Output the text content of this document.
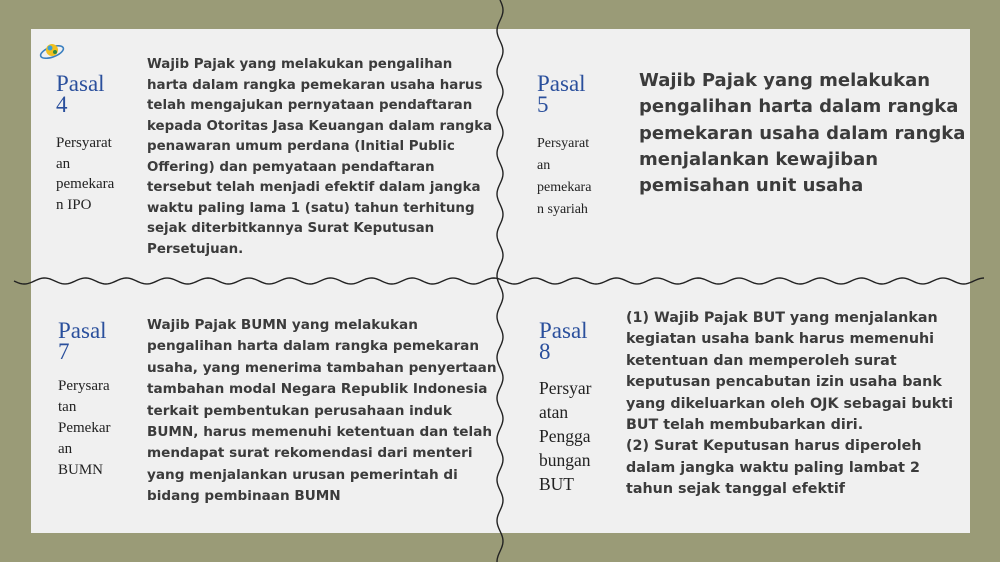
Pasal
4
Persyarat
an
pemekara
n IPO
Wajib Pajak yang melakukan pengalihan
harta dalam rangka pemekaran usaha harus
telah mengajukan pernyataan pendaftaran
kepada Otoritas Jasa Keuangan dalam rangka
penawaran umum perdana (Initial Public
Offering) dan pemyataan pendaftaran
tersebut telah menjadi efektif dalam jangka
waktu paling lama 1 (satu) tahun terhitung
sejak diterbitkannya Surat Keputusan
Persetujuan.
Pasal
5
Persyarat
an
pemekara
n syariah
Wajib Pajak yang melakukan
pengalihan harta dalam rangka
pemekaran usaha dalam rangka
menjalankan kewajiban
pemisahan unit usaha
Pasal
7
Perysara
tan
Pemekar
an
BUMN
Wajib Pajak BUMN yang melakukan
pengalihan harta dalam rangka pemekaran
usaha, yang menerima tambahan penyertaan
tambahan modal Negara Republik Indonesia
terkait pembentukan perusahaan induk
BUMN, harus memenuhi ketentuan dan telah
mendapat surat rekomendasi dari menteri
yang menjalankan urusan pemerintah di
bidang pembinaan BUMN
Pasal
8
Persyar
atan
Pengga
bungan
BUT
(1) Wajib Pajak BUT yang menjalankan
kegiatan usaha bank harus memenuhi
ketentuan dan memperoleh surat
keputusan pencabutan izin usaha bank
yang dikeluarkan oleh OJK sebagai bukti
BUT telah membubarkan diri.
(2) Surat Keputusan harus diperoleh
dalam jangka waktu paling lambat 2
tahun sejak tanggal efektif
